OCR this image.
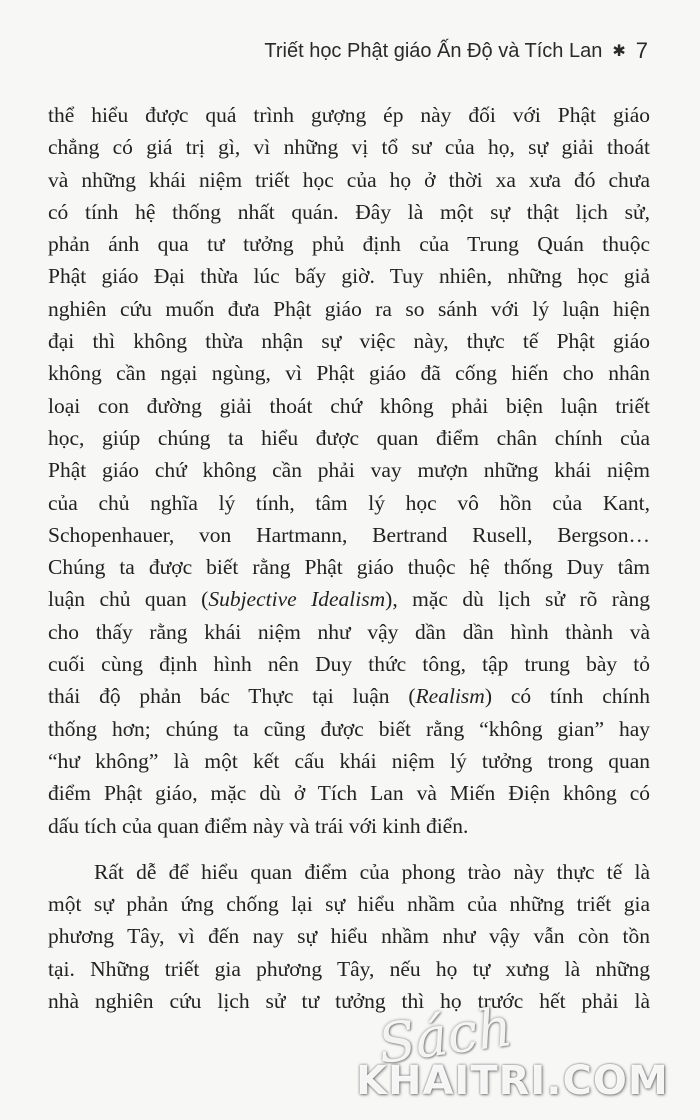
Triết học Phật giáo Ấn Độ và Tích Lan ✱ 7
thể hiểu được quá trình gượng ép này đối với Phật giáo
chẳng có giá trị gì, vì những vị tổ sư của họ, sự giải thoát
và những khái niệm triết học của họ ở thời xa xưa đó chưa
có tính hệ thống nhất quán. Đây là một sự thật lịch sử,
phản ánh qua tư tưởng phủ định của Trung Quán thuộc
Phật giáo Đại thừa lúc bấy giờ. Tuy nhiên, những học giả
nghiên cứu muốn đưa Phật giáo ra so sánh với lý luận hiện
đại thì không thừa nhận sự việc này, thực tế Phật giáo
không cần ngại ngùng, vì Phật giáo đã cống hiến cho nhân
loại con đường giải thoát chứ không phải biện luận triết
học, giúp chúng ta hiểu được quan điểm chân chính của
Phật giáo chứ không cần phải vay mượn những khái niệm
của chủ nghĩa lý tính, tâm lý học vô hồn của Kant,
Schopenhauer, von Hartmann, Bertrand Rusell, Bergson…
Chúng ta được biết rằng Phật giáo thuộc hệ thống Duy tâm
luận chủ quan (Subjective Idealism), mặc dù lịch sử rõ ràng
cho thấy rằng khái niệm như vậy dần dần hình thành và
cuối cùng định hình nên Duy thức tông, tập trung bày tỏ
thái độ phản bác Thực tại luận (Realism) có tính chính
thống hơn; chúng ta cũng được biết rằng “không gian” hay
“hư không” là một kết cấu khái niệm lý tưởng trong quan
điểm Phật giáo, mặc dù ở Tích Lan và Miến Điện không có
dấu tích của quan điểm này và trái với kinh điển.
Rất dễ để hiểu quan điểm của phong trào này thực tế là
một sự phản ứng chống lại sự hiểu nhầm của những triết gia
phương Tây, vì đến nay sự hiểu nhầm như vậy vẫn còn tồn
tại. Những triết gia phương Tây, nếu họ tự xưng là những
nhà nghiên cứu lịch sử tư tưởng thì họ trước hết phải là
Sách
KHAITRI.COM
